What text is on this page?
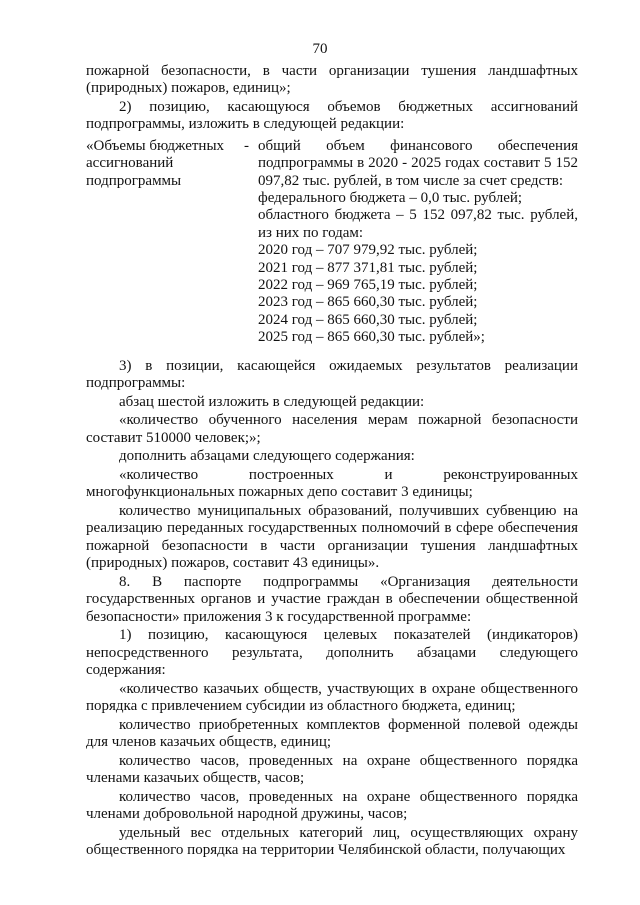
70

пожарной безопасности, в части организации тушения ландшафтных (природных) пожаров, единиц»;

2) позицию, касающуюся объемов бюджетных ассигнований подпрограммы, изложить в следующей редакции:

«Объемы бюджетных ассигнований подпрограммы
- общий объем финансового обеспечения подпрограммы в 2020 - 2025 годах составит 5 152 097,82 тыс. рублей, в том числе за счет средств:

федерального бюджета – 0,0 тыс. рублей;

областного бюджета – 5 152 097,82 тыс. рублей, из них по годам:

2020 год – 707 979,92 тыс. рублей;

2021 год – 877 371,81 тыс. рублей;

2022 год – 969 765,19 тыс. рублей;

2023 год – 865 660,30 тыс. рублей;

2024 год – 865 660,30 тыс. рублей;

2025 год – 865 660,30 тыс. рублей»;

3) в позиции, касающейся ожидаемых результатов реализации подпрограммы:

абзац шестой изложить в следующей редакции:

«количество обученного населения мерам пожарной безопасности составит 510000 человек;»;

дополнить абзацами следующего содержания:

«количество построенных и реконструированных многофункциональных пожарных депо составит 3 единицы;

количество муниципальных образований, получивших субвенцию на реализацию переданных государственных полномочий в сфере обеспечения пожарной безопасности в части организации тушения ландшафтных (природных) пожаров, составит 43 единицы».

8. В паспорте подпрограммы «Организация деятельности государственных органов и участие граждан в обеспечении общественной безопасности» приложения 3 к государственной программе:

1) позицию, касающуюся целевых показателей (индикаторов) непосредственного результата, дополнить абзацами следующего содержания:

«количество казачьих обществ, участвующих в охране общественного порядка с привлечением субсидии из областного бюджета, единиц;

количество приобретенных комплектов форменной полевой одежды для членов казачьих обществ, единиц;

количество часов, проведенных на охране общественного порядка членами казачьих обществ, часов;

количество часов, проведенных на охране общественного порядка членами добровольной народной дружины, часов;

удельный вес отдельных категорий лиц, осуществляющих охрану общественного порядка на территории Челябинской области, получающих
